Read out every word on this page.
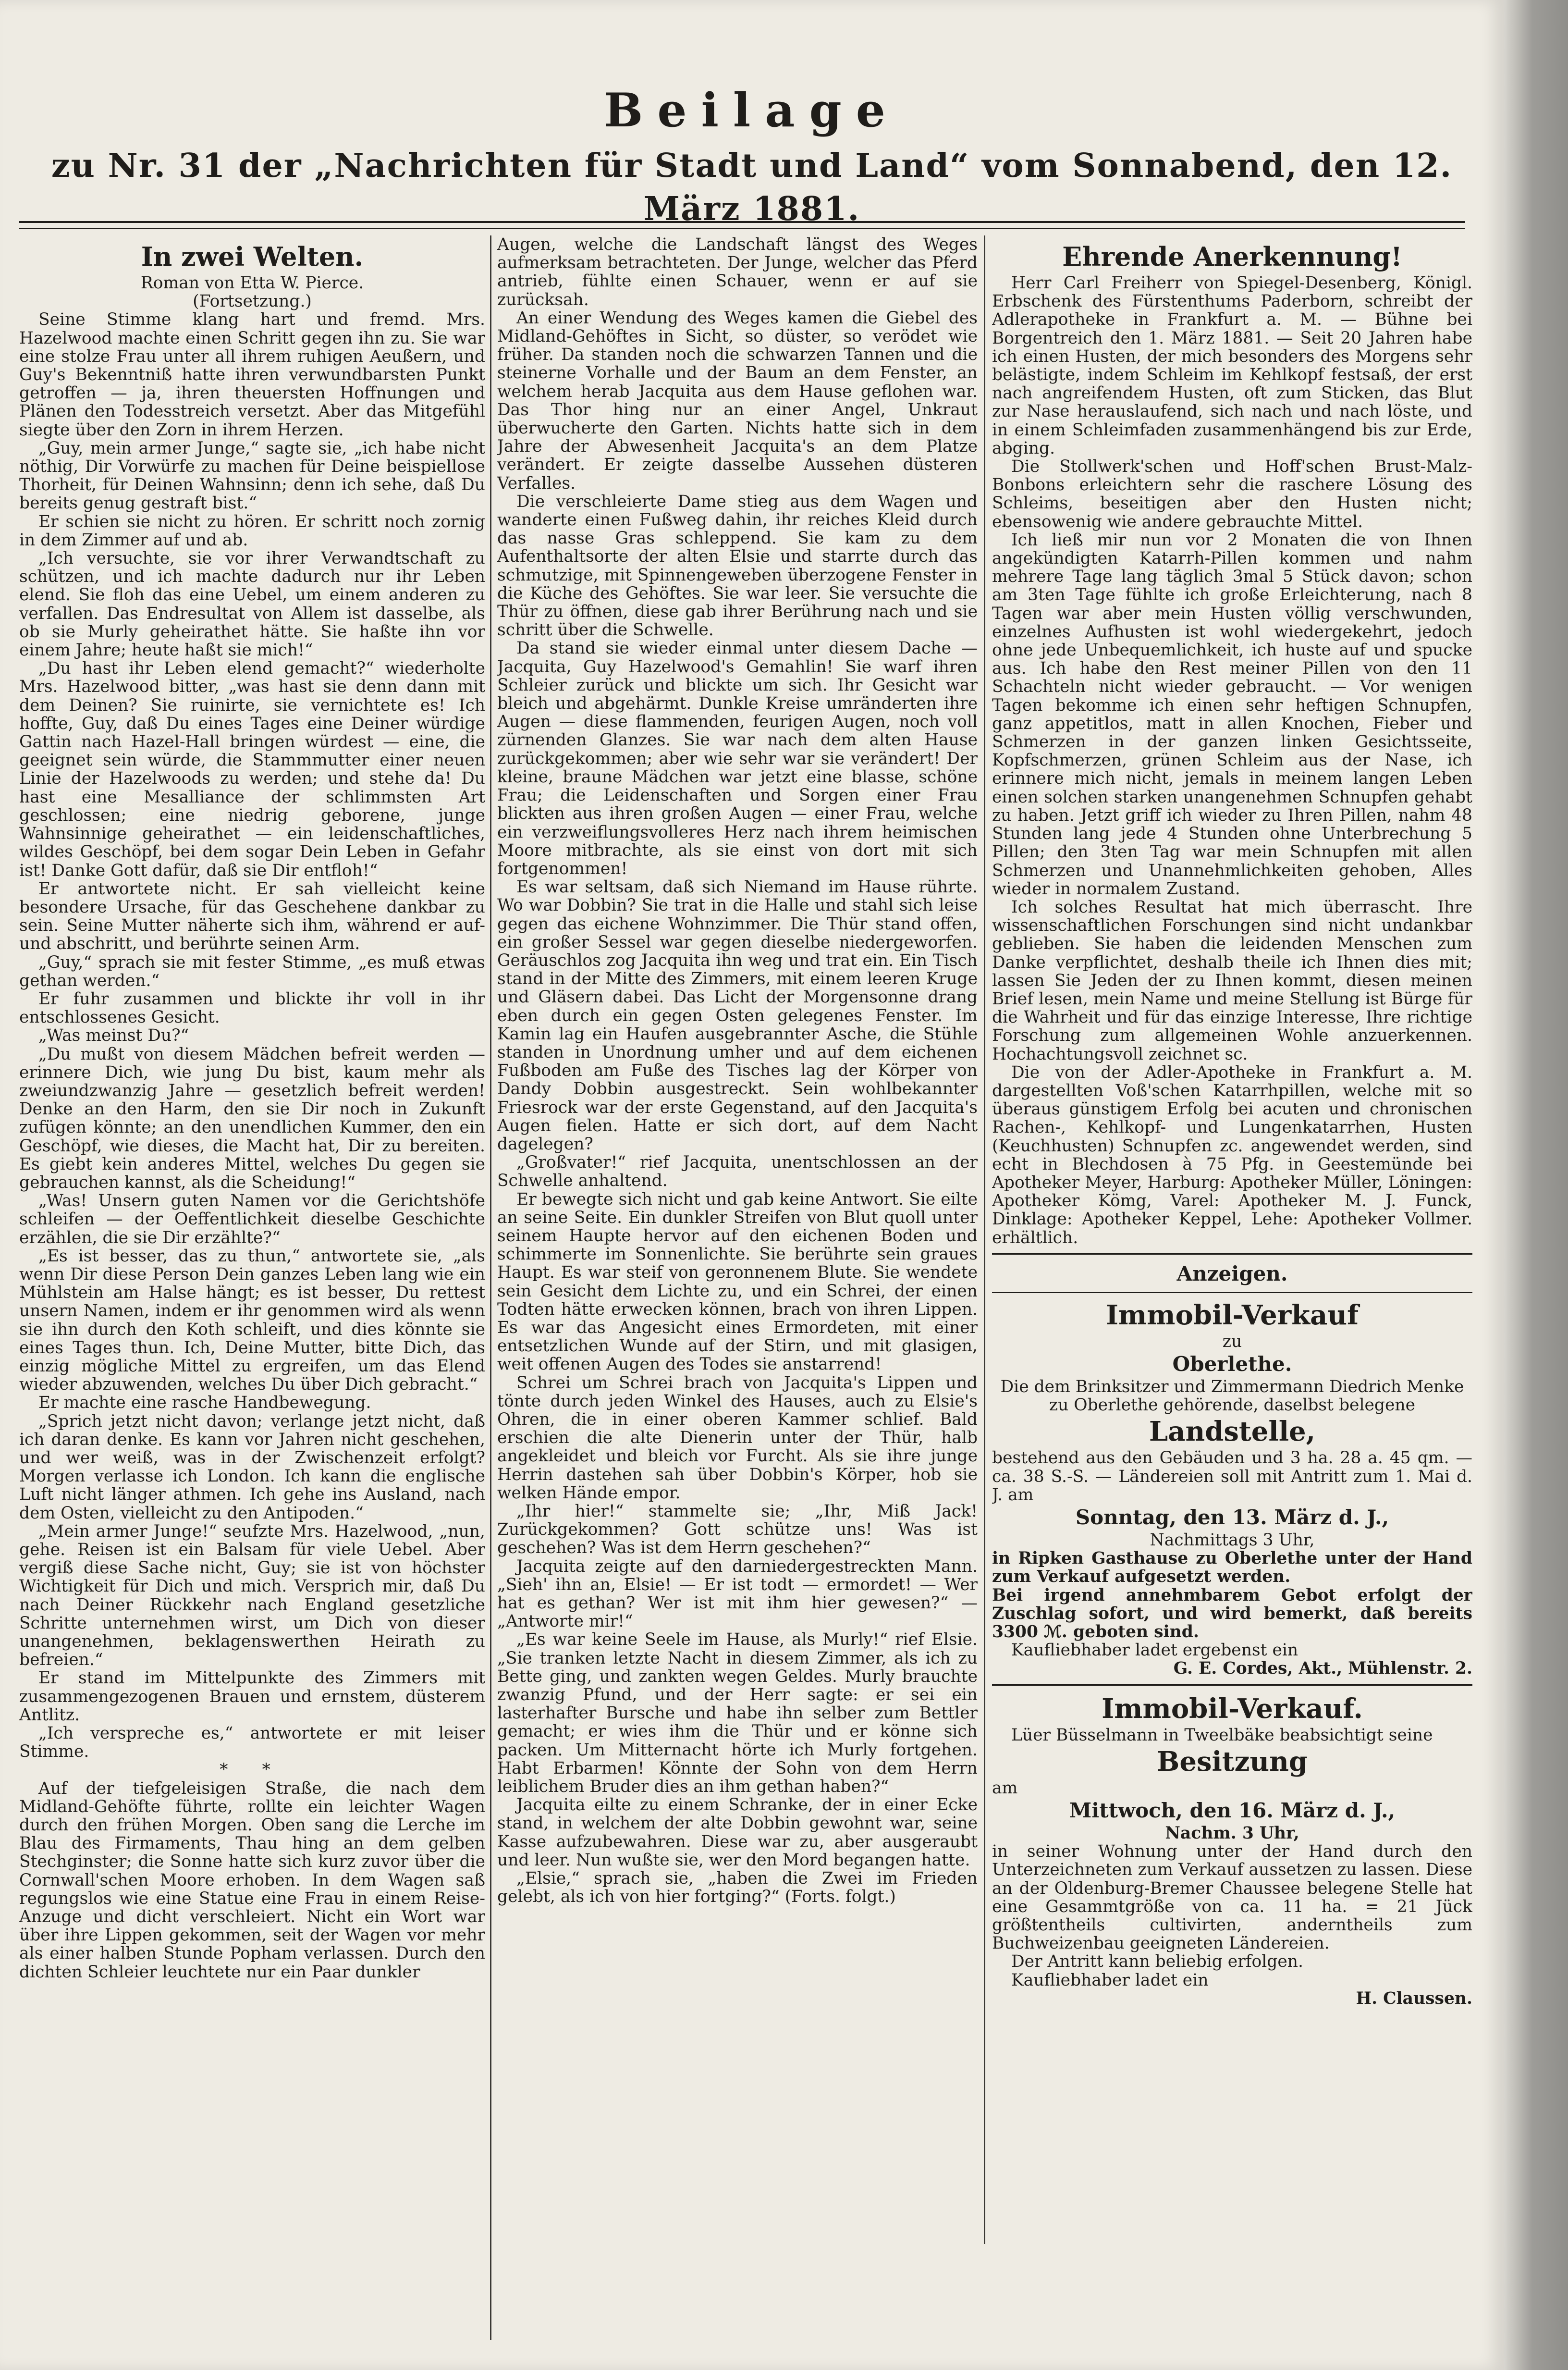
Beilage
zu Nr. 31 der „Nachrichten für Stadt und Land“ vom Sonnabend, den 12. März 1881.

In zwei Welten.

Roman von Etta W. Pierce.

(Fortsetzung.)

Seine Stimme klang hart und fremd. Mrs. Hazelwood machte einen Schritt gegen ihn zu. Sie war eine stolze Frau unter all ihrem ruhigen Aeußern, und Guy's Bekenntniß hatte ihren verwundbarsten Punkt getroffen — ja, ihren theuersten Hoffnungen und Plänen den Todesstreich versetzt. Aber das Mitgefühl siegte über den Zorn in ihrem Herzen.

„Guy, mein armer Junge,“ sagte sie, „ich habe nicht nöthig, Dir Vorwürfe zu machen für Deine beispiellose Thorheit, für Deinen Wahnsinn; denn ich sehe, daß Du bereits genug gestraft bist.“

Er schien sie nicht zu hören. Er schritt noch zornig in dem Zimmer auf und ab.

„Ich versuchte, sie vor ihrer Verwandtschaft zu schützen, und ich machte dadurch nur ihr Leben elend. Sie floh das eine Uebel, um einem anderen zu verfallen. Das Endresultat von Allem ist dasselbe, als ob sie Murly geheirathet hätte. Sie haßte ihn vor einem Jahre; heute haßt sie mich!“

„Du hast ihr Leben elend gemacht?“ wiederholte Mrs. Hazelwood bitter, „was hast sie denn dann mit dem Deinen? Sie ruinirte, sie vernichtete es! Ich hoffte, Guy, daß Du eines Tages eine Deiner würdige Gattin nach Hazel-Hall bringen würdest — eine, die geeignet sein würde, die Stammmutter einer neuen Linie der Hazelwoods zu werden; und stehe da! Du hast eine Mesalliance der schlimmsten Art geschlossen; eine niedrig geborene, junge Wahnsinnige geheirathet — ein leidenschaftliches, wildes Geschöpf, bei dem sogar Dein Leben in Gefahr ist! Danke Gott dafür, daß sie Dir entfloh!“

Er antwortete nicht. Er sah vielleicht keine besondere Ursache, für das Geschehene dankbar zu sein. Seine Mutter näherte sich ihm, während er auf- und abschritt, und berührte seinen Arm.

„Guy,“ sprach sie mit fester Stimme, „es muß etwas gethan werden.“

Er fuhr zusammen und blickte ihr voll in ihr entschlossenes Gesicht.

„Was meinst Du?“

„Du mußt von diesem Mädchen befreit werden — erinnere Dich, wie jung Du bist, kaum mehr als zweiundzwanzig Jahre — gesetzlich befreit werden! Denke an den Harm, den sie Dir noch in Zukunft zufügen könnte; an den unendlichen Kummer, den ein Geschöpf, wie dieses, die Macht hat, Dir zu bereiten. Es giebt kein anderes Mittel, welches Du gegen sie gebrauchen kannst, als die Scheidung!“

„Was! Unsern guten Namen vor die Gerichtshöfe schleifen — der Oeffentlichkeit dieselbe Geschichte erzählen, die sie Dir erzählte?“

„Es ist besser, das zu thun,“ antwortete sie, „als wenn Dir diese Person Dein ganzes Leben lang wie ein Mühlstein am Halse hängt; es ist besser, Du rettest unsern Namen, indem er ihr genommen wird als wenn sie ihn durch den Koth schleift, und dies könnte sie eines Tages thun. Ich, Deine Mutter, bitte Dich, das einzig mögliche Mittel zu ergreifen, um das Elend wieder abzuwenden, welches Du über Dich gebracht.“

Er machte eine rasche Handbewegung.

„Sprich jetzt nicht davon; verlange jetzt nicht, daß ich daran denke. Es kann vor Jahren nicht geschehen, und wer weiß, was in der Zwischenzeit erfolgt? Morgen verlasse ich London. Ich kann die englische Luft nicht länger athmen. Ich gehe ins Ausland, nach dem Osten, vielleicht zu den Antipoden.“

„Mein armer Junge!“ seufzte Mrs. Hazelwood, „nun, gehe. Reisen ist ein Balsam für viele Uebel. Aber vergiß diese Sache nicht, Guy; sie ist von höchster Wichtigkeit für Dich und mich. Versprich mir, daß Du nach Deiner Rückkehr nach England gesetzliche Schritte unternehmen wirst, um Dich von dieser unangenehmen, beklagenswerthen Heirath zu befreien.“

Er stand im Mittelpunkte des Zimmers mit zusammengezogenen Brauen und ernstem, düsterem Antlitz.

„Ich verspreche es,“ antwortete er mit leiser Stimme.

* *

Auf der tiefgeleisigen Straße, die nach dem Midland-Gehöfte führte, rollte ein leichter Wagen durch den frühen Morgen. Oben sang die Lerche im Blau des Firmaments, Thau hing an dem gelben Stechginster; die Sonne hatte sich kurz zuvor über die Cornwall'schen Moore erhoben. In dem Wagen saß regungslos wie eine Statue eine Frau in einem Reise-Anzuge und dicht verschleiert. Nicht ein Wort war über ihre Lippen gekommen, seit der Wagen vor mehr als einer halben Stunde Popham verlassen. Durch den dichten Schleier leuchtete nur ein Paar dunkler

Augen, welche die Landschaft längst des Weges aufmerksam betrachteten. Der Junge, welcher das Pferd antrieb, fühlte einen Schauer, wenn er auf sie zurücksah.

An einer Wendung des Weges kamen die Giebel des Midland-Gehöftes in Sicht, so düster, so verödet wie früher. Da standen noch die schwarzen Tannen und die steinerne Vorhalle und der Baum an dem Fenster, an welchem herab Jacquita aus dem Hause geflohen war. Das Thor hing nur an einer Angel, Unkraut überwucherte den Garten. Nichts hatte sich in dem Jahre der Abwesenheit Jacquita's an dem Platze verändert. Er zeigte dasselbe Aussehen düsteren Verfalles.

Die verschleierte Dame stieg aus dem Wagen und wanderte einen Fußweg dahin, ihr reiches Kleid durch das nasse Gras schleppend. Sie kam zu dem Aufenthaltsorte der alten Elsie und starrte durch das schmutzige, mit Spinnengeweben überzogene Fenster in die Küche des Gehöftes. Sie war leer. Sie versuchte die Thür zu öffnen, diese gab ihrer Berührung nach und sie schritt über die Schwelle.

Da stand sie wieder einmal unter diesem Dache — Jacquita, Guy Hazelwood's Gemahlin! Sie warf ihren Schleier zurück und blickte um sich. Ihr Gesicht war bleich und abgehärmt. Dunkle Kreise umränderten ihre Augen — diese flammenden, feurigen Augen, noch voll zürnenden Glanzes. Sie war nach dem alten Hause zurückgekommen; aber wie sehr war sie verändert! Der kleine, braune Mädchen war jetzt eine blasse, schöne Frau; die Leidenschaften und Sorgen einer Frau blickten aus ihren großen Augen — einer Frau, welche ein verzweiflungsvolleres Herz nach ihrem heimischen Moore mitbrachte, als sie einst von dort mit sich fortgenommen!

Es war seltsam, daß sich Niemand im Hause rührte. Wo war Dobbin? Sie trat in die Halle und stahl sich leise gegen das eichene Wohnzimmer. Die Thür stand offen, ein großer Sessel war gegen dieselbe niedergeworfen. Geräuschlos zog Jacquita ihn weg und trat ein. Ein Tisch stand in der Mitte des Zimmers, mit einem leeren Kruge und Gläsern dabei. Das Licht der Morgensonne drang eben durch ein gegen Osten gelegenes Fenster. Im Kamin lag ein Haufen ausgebrannter Asche, die Stühle standen in Unordnung umher und auf dem eichenen Fußboden am Fuße des Tisches lag der Körper von Dandy Dobbin ausgestreckt. Sein wohlbekannter Friesrock war der erste Gegenstand, auf den Jacquita's Augen fielen. Hatte er sich dort, auf dem Nacht dagelegen?

„Großvater!“ rief Jacquita, unentschlossen an der Schwelle anhaltend.

Er bewegte sich nicht und gab keine Antwort. Sie eilte an seine Seite. Ein dunkler Streifen von Blut quoll unter seinem Haupte hervor auf den eichenen Boden und schimmerte im Sonnenlichte. Sie berührte sein graues Haupt. Es war steif von geronnenem Blute. Sie wendete sein Gesicht dem Lichte zu, und ein Schrei, der einen Todten hätte erwecken können, brach von ihren Lippen. Es war das Angesicht eines Ermordeten, mit einer entsetzlichen Wunde auf der Stirn, und mit glasigen, weit offenen Augen des Todes sie anstarrend!

Schrei um Schrei brach von Jacquita's Lippen und tönte durch jeden Winkel des Hauses, auch zu Elsie's Ohren, die in einer oberen Kammer schlief. Bald erschien die alte Dienerin unter der Thür, halb angekleidet und bleich vor Furcht. Als sie ihre junge Herrin dastehen sah über Dobbin's Körper, hob sie welken Hände empor.

„Ihr hier!“ stammelte sie; „Ihr, Miß Jack! Zurückgekommen? Gott schütze uns! Was ist geschehen? Was ist dem Herrn geschehen?“

Jacquita zeigte auf den darniedergestreckten Mann. „Sieh' ihn an, Elsie! — Er ist todt — ermordet! — Wer hat es gethan? Wer ist mit ihm hier gewesen?“ — „Antworte mir!“

„Es war keine Seele im Hause, als Murly!“ rief Elsie. „Sie tranken letzte Nacht in diesem Zimmer, als ich zu Bette ging, und zankten wegen Geldes. Murly brauchte zwanzig Pfund, und der Herr sagte: er sei ein lasterhafter Bursche und habe ihn selber zum Bettler gemacht; er wies ihm die Thür und er könne sich packen. Um Mitternacht hörte ich Murly fortgehen. Habt Erbarmen! Könnte der Sohn von dem Herrn leiblichem Bruder dies an ihm gethan haben?“

Jacquita eilte zu einem Schranke, der in einer Ecke stand, in welchem der alte Dobbin gewohnt war, seine Kasse aufzubewahren. Diese war zu, aber ausgeraubt und leer. Nun wußte sie, wer den Mord begangen hatte.

„Elsie,“ sprach sie, „haben die Zwei im Frieden gelebt, als ich von hier fortging?“ (Forts. folgt.)

Ehrende Anerkennung!

Herr Carl Freiherr von Spiegel-Desenberg, Königl. Erbschenk des Fürstenthums Paderborn, schreibt der Adlerapotheke in Frankfurt a. M. — Bühne bei Borgentreich den 1. März 1881. — Seit 20 Jahren habe ich einen Husten, der mich besonders des Morgens sehr belästigte, indem Schleim im Kehlkopf festsaß, der erst nach angreifendem Husten, oft zum Sticken, das Blut zur Nase herauslaufend, sich nach und nach löste, und in einem Schleimfaden zusammenhängend bis zur Erde, abging.

Die Stollwerk'schen und Hoff'schen Brust-Malz-Bonbons erleichtern sehr die raschere Lösung des Schleims, beseitigen aber den Husten nicht; ebensowenig wie andere gebrauchte Mittel.

Ich ließ mir nun vor 2 Monaten die von Ihnen angekündigten Katarrh-Pillen kommen und nahm mehrere Tage lang täglich 3mal 5 Stück davon; schon am 3ten Tage fühlte ich große Erleichterung, nach 8 Tagen war aber mein Husten völlig verschwunden, einzelnes Aufhusten ist wohl wiedergekehrt, jedoch ohne jede Unbequemlichkeit, ich huste auf und spucke aus. Ich habe den Rest meiner Pillen von den 11 Schachteln nicht wieder gebraucht. — Vor wenigen Tagen bekomme ich einen sehr heftigen Schnupfen, ganz appetitlos, matt in allen Knochen, Fieber und Schmerzen in der ganzen linken Gesichtsseite, Kopfschmerzen, grünen Schleim aus der Nase, ich erinnere mich nicht, jemals in meinem langen Leben einen solchen starken unangenehmen Schnupfen gehabt zu haben. Jetzt griff ich wieder zu Ihren Pillen, nahm 48 Stunden lang jede 4 Stunden ohne Unterbrechung 5 Pillen; den 3ten Tag war mein Schnupfen mit allen Schmerzen und Unannehmlichkeiten gehoben, Alles wieder in normalem Zustand.

Ich solches Resultat hat mich überrascht. Ihre wissenschaftlichen Forschungen sind nicht undankbar geblieben. Sie haben die leidenden Menschen zum Danke verpflichtet, deshalb theile ich Ihnen dies mit; lassen Sie Jeden der zu Ihnen kommt, diesen meinen Brief lesen, mein Name und meine Stellung ist Bürge für die Wahrheit und für das einzige Interesse, Ihre richtige Forschung zum allgemeinen Wohle anzuerkennen. Hochachtungsvoll zeichnet sc.

Die von der Adler-Apotheke in Frankfurt a. M. dargestellten Voß'schen Katarrhpillen, welche mit so überaus günstigem Erfolg bei acuten und chronischen Rachen-, Kehlkopf- und Lungenkatarrhen, Husten (Keuchhusten) Schnupfen zc. angewendet werden, sind echt in Blechdosen à 75 Pfg. in Geestemünde bei Apotheker Meyer, Harburg: Apotheker Müller, Löningen: Apotheker Kömg, Varel: Apotheker M. J. Funck, Dinklage: Apotheker Keppel, Lehe: Apotheker Vollmer. erhältlich.

Anzeigen.

Immobil-Verkauf

zu

Oberlethe.

Die dem Brinksitzer und Zimmermann Diedrich Menke zu Oberlethe gehörende, daselbst belegene

Landstelle,

bestehend aus den Gebäuden und 3 ha. 28 a. 45 qm. — ca. 38 S.-S. — Ländereien soll mit Antritt zum 1. Mai d. J. am

Sonntag, den 13. März d. J.,

Nachmittags 3 Uhr,

in Ripken Gasthause zu Oberlethe unter der Hand zum Verkauf aufgesetzt werden.

Bei irgend annehmbarem Gebot erfolgt der Zuschlag sofort, und wird bemerkt, daß bereits 3300 ℳ. geboten sind.

Kaufliebhaber ladet ergebenst ein

G. E. Cordes, Akt., Mühlenstr. 2.

Immobil-Verkauf.

Lüer Büsselmann in Tweelbäke beabsichtigt seine

Besitzung

am

Mittwoch, den 16. März d. J.,

Nachm. 3 Uhr,

in seiner Wohnung unter der Hand durch den Unterzeichneten zum Verkauf aussetzen zu lassen. Diese an der Oldenburg-Bremer Chaussee belegene Stelle hat eine Gesammtgröße von ca. 11 ha. = 21 Jück größtentheils cultivirten, anderntheils zum Buchweizenbau geeigneten Ländereien.

Der Antritt kann beliebig erfolgen.

Kaufliebhaber ladet ein

H. Claussen.
